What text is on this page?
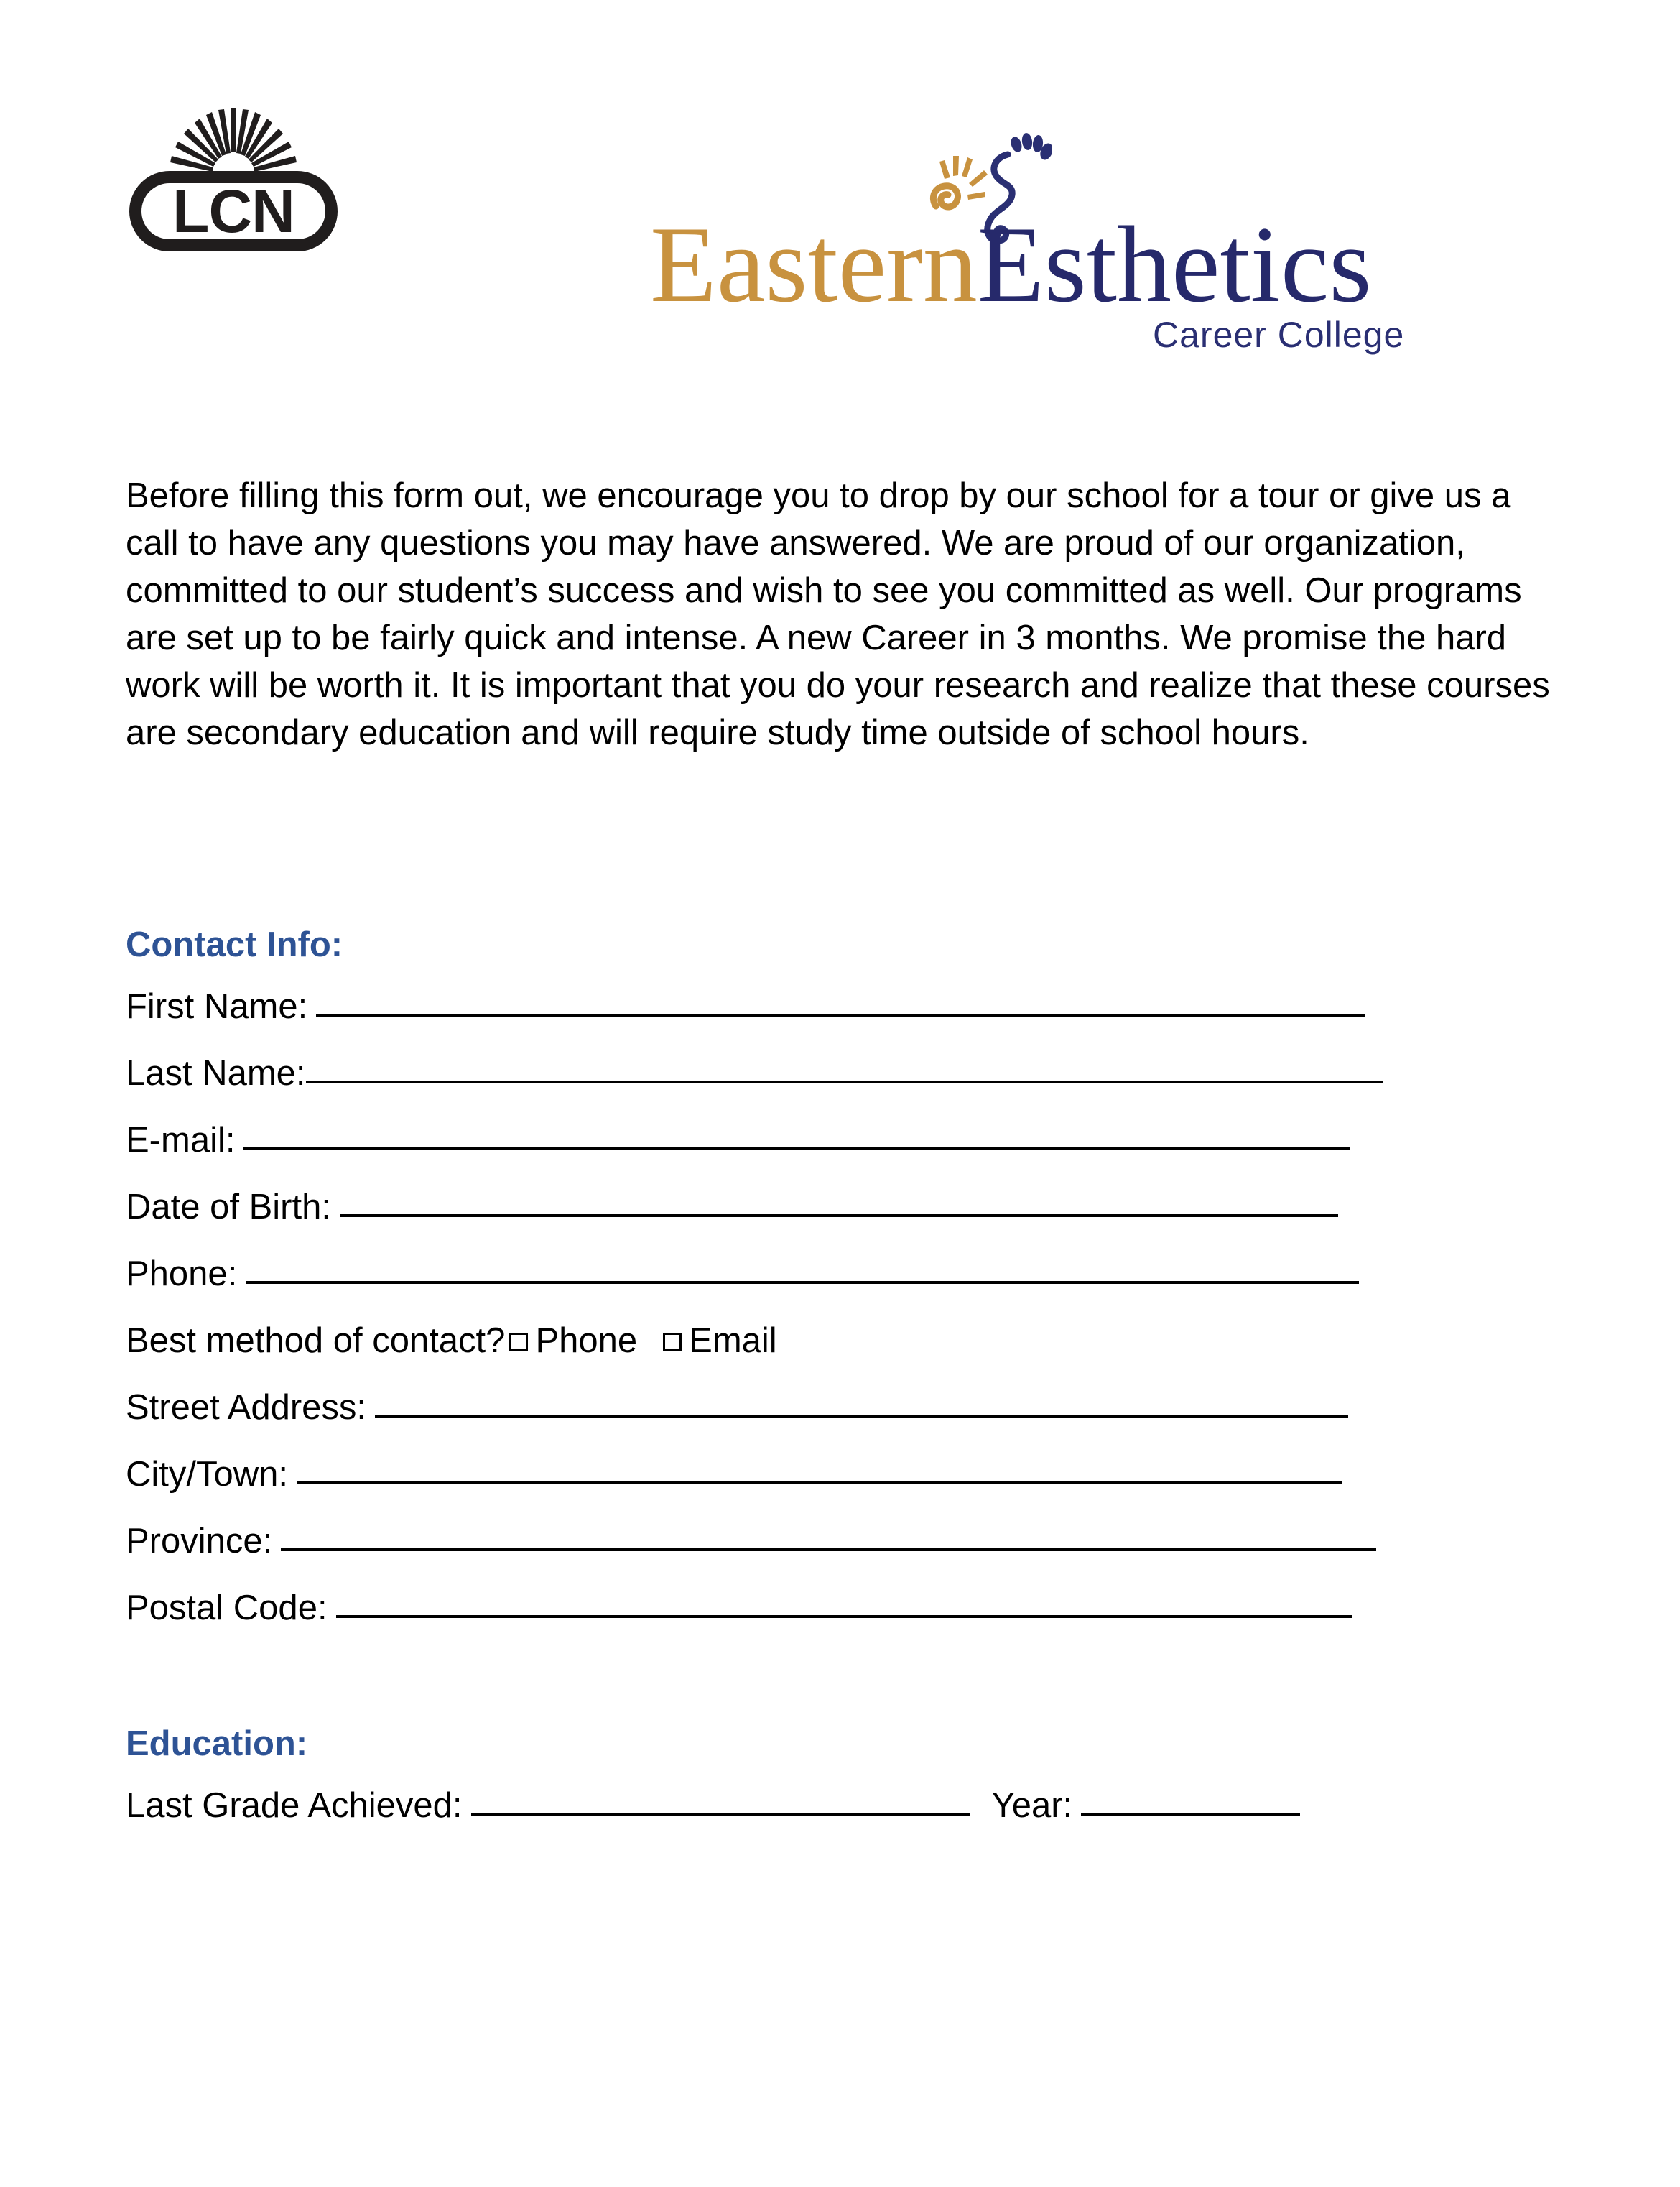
LCN	EasternEsthetics
Career College

Before filling this form out, we encourage you to drop by our school for a tour or give us a call to have any questions you may have answered. We are proud of our organization, committed to our student’s success and wish to see you committed as well. Our programs are set up to be fairly quick and intense. A new Career in 3 months. We promise the hard work will be worth it. It is important that you do your research and realize that these courses are secondary education and will require study time outside of school hours.

Contact Info:
First Name:
Last Name:
E-mail:
Date of Birth:
Phone:
Best method of contact? Phone Email
Street Address:
City/Town:
Province:
Postal Code:
Education:
Last Grade Achieved:	Year:
